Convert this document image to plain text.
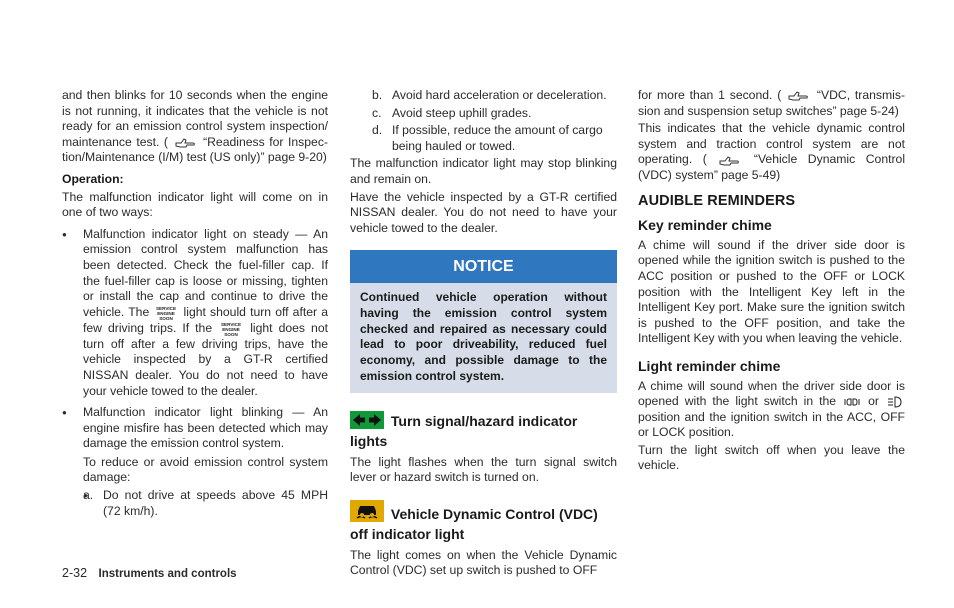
and then blinks for 10 seconds when the engine is not running, it indicates that the vehicle is not ready for an emission control system inspection/ maintenance test. (	“Readiness for Inspec-tion/Maintenance (I/M) test (US only)” page 9-20)

Operation:

The malfunction indicator light will come on in one of two ways:

● Malfunction indicator light on steady — An emission control system malfunction has been detected. Check the fuel-filler cap. If the fuel-filler cap is loose or missing, tighten or install the cap and continue to drive the vehicle. The SERVICE
ENGINE
SOON light should turn off after a few driving trips. If the SERVICE
ENGINE
SOON light does not turn off after a few driving trips, have the vehicle inspected by a GT-R certified NISSAN dealer. You do not need to have your vehicle towed to the dealer.
● Malfunction indicator light blinking — An engine misfire has been detected which may damage the emission control system.

To reduce or avoid emission control system damage:

● a. Do not drive at speeds above 45 MPH (72 km/h).
b. Avoid hard acceleration or deceleration.
c. Avoid steep uphill grades.
d. If possible, reduce the amount of cargo being hauled or towed.

The malfunction indicator light may stop blinking and remain on.

Have the vehicle inspected by a GT-R certified NISSAN dealer. You do not need to have your vehicle towed to the dealer.

NOTICE
Continued vehicle operation without having the emission control system checked and repaired as necessary could lead to poor driveability, reduced fuel economy, and possible damage to the emission control system.
Turn signal/hazard indicator
lights

The light flashes when the turn signal switch lever or hazard switch is turned on.

Vehicle Dynamic Control (VDC)
off indicator light

The light comes on when the Vehicle Dynamic Control (VDC) set up switch is pushed to OFF

for more than 1 second. (	“VDC, transmis-sion and suspension setup switches” page 5-24)

This indicates that the vehicle dynamic control system and traction control system are not operating. (	“Vehicle Dynamic Control (VDC) system” page 5-49)

AUDIBLE REMINDERS
Key reminder chime

A chime will sound if the driver side door is opened while the ignition switch is pushed to the ACC position or pushed to the OFF or LOCK position with the Intelligent Key left in the Intelligent Key port. Make sure the ignition switch is pushed to the OFF position, and take the Intelligent Key with you when leaving the vehicle.

Light reminder chime

A chime will sound when the driver side door is opened with the light switch in the	or  position and the ignition switch in the ACC, OFF or LOCK position.

Turn the light switch off when you leave the vehicle.

2-32 Instruments and controls
